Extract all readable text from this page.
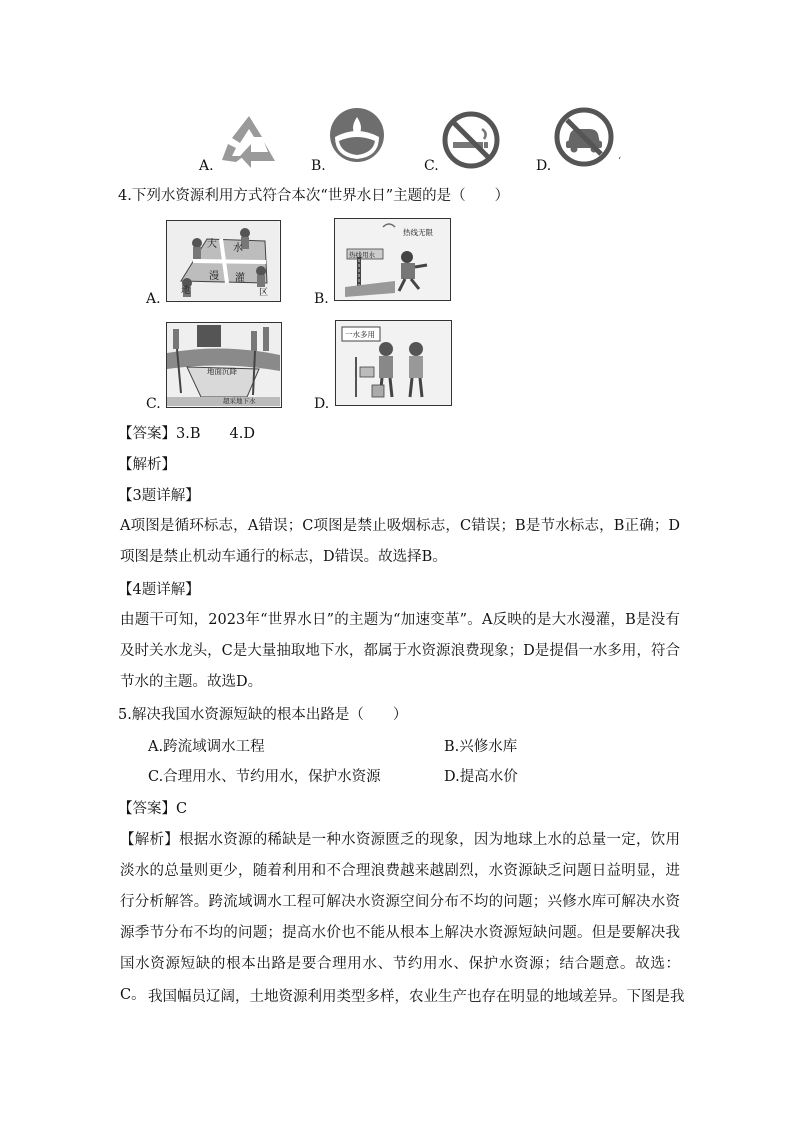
A.	B.	C.	D.	‘
4.下列水资源利用方式符合本次“世界水日”主题的是（　　）
大 水
漫 灌
地	区
A.
热线无限
热线用水
B.
地面沉降
超采地下水
C.
一水多用
D.
【答案】3.B　　4.D
【解析】
【3题详解】
A项图是循环标志，A错误；C项图是禁止吸烟标志，C错误；B是节水标志，B正确；D项图是禁止机动车通行的标志，D错误。故选择B。
【4题详解】
由题干可知，2023年“世界水日”的主题为“加速变革”。A反映的是大水漫灌，B是没有及时关水龙头，C是大量抽取地下水，都属于水资源浪费现象；D是提倡一水多用，符合节水的主题。故选D。
5.解决我国水资源短缺的根本出路是（　　）
A.跨流域调水工程	B.兴修水库
C.合理用水、节约用水，保护水资源	D.提高水价
【答案】C
【解析】根据水资源的稀缺是一种水资源匮乏的现象，因为地球上水的总量一定，饮用淡水的总量则更少，随着利用和不合理浪费越来越剧烈，水资源缺乏问题日益明显，进行分析解答。跨流域调水工程可解决水资源空间分布不均的问题；兴修水库可解决水资源季节分布不均的问题；提高水价也不能从根本上解决水资源短缺问题。但是要解决我国水资源短缺的根本出路是要合理用水、节约用水、保护水资源；结合题意。故选：C。 我国幅员辽阔，土地资源利用类型多样，农业生产也存在明显的地域差异。下图是我
